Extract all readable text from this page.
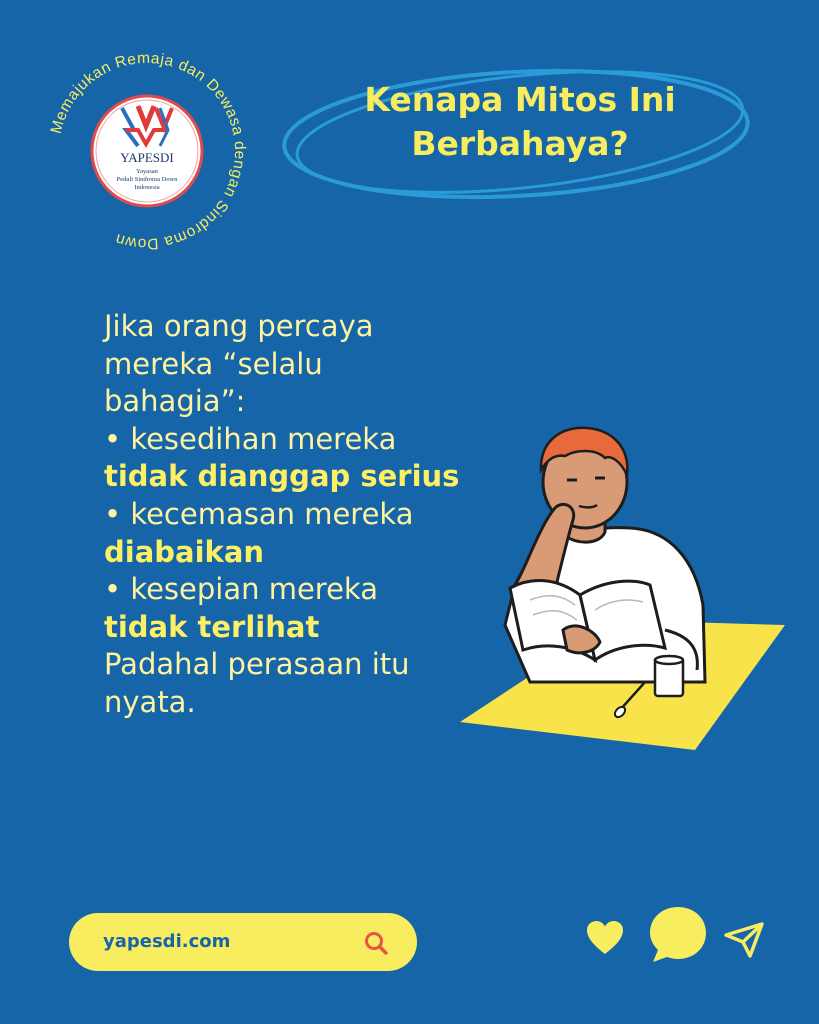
Memajukan Remaja dan Dewasa dengan Sindroma Down
YAPESDI
Yayasan
Peduli Sindroma Down
Indonesia
Kenapa Mitos Ini
Berbahaya?
Jika orang percaya
mereka “selalu
bahagia”:
• kesedihan mereka
tidak dianggap serius
• kecemasan mereka
diabaikan
• kesepian mereka
tidak terlihat
Padahal perasaan itu
nyata.
yapesdi.com
